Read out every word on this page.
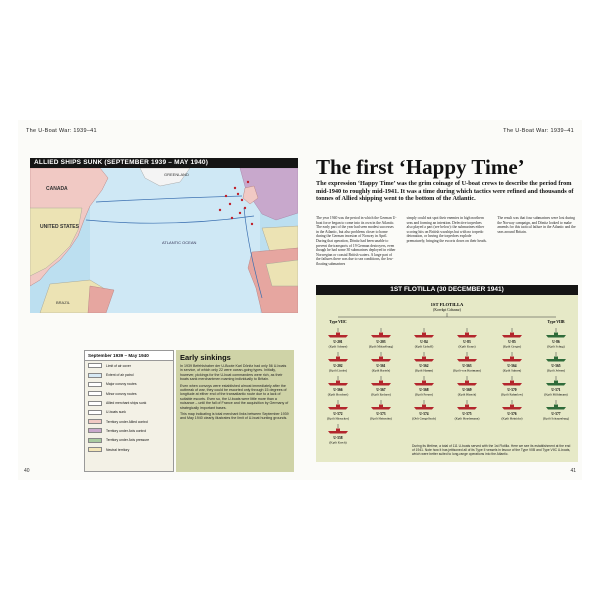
The U-Boat War: 1939–41
ALLIED SHIPS SUNK (SEPTEMBER 1939 – MAY 1940)
CANADA
UNITED STATES
GREENLAND
ATLANTIC OCEAN
BRAZIL
September 1939 – May 1940
Limit of air cover
Extent of air patrol
Major convoy routes
Minor convoy routes
Allied merchant ships sunk
U-boats sunk
Territory under Allied control
Territory under Axis control
Territory under Axis pressure
Neutral territory
Early sinkings

In 1939 Befehlshaber der U-Boote Karl Dönitz had only 56 U-boats in service, of which only 22 were ocean-going types. Initially, however, pickings for the U-boat commanders were rich, as their boats sank merchantmen roaming individually to Britain.

Even when convoys were established almost immediately after the outbreak of war, they could be escorted only through 15 degrees of longitude at either end of the transatlantic route due to a lack of suitable escorts. Even so, the U-boats were little more than a nuisance – until the fall of France and the acquisition by Germany of strategically important bases.

This map indicating is total merchant links between September 1939 and May 1940 clearly illustrates the limit of U-boat hunting grounds.

40
The U-Boat War: 1939–41
The first ‘Happy Time’
The expression ‘Happy Time’ was the grim coinage of U-boat crews to describe the period from mid-1940 to roughly mid-1941. It was a time during which tactics were refined and thousands of tonnes of Allied shipping went to the bottom of the Atlantic.

The year 1940 was the period in which the German U-boat force began to come into its own in the Atlantic. The early part of the year had seen modest successes in the Atlantic, but also problems closer to home during the German invasion of Norway in April. During that operation, Dönitz had been unable to prevent the transports of 19 German destroyers, even though he had some 30 submarines deployed in either Norwegian or coastal British waters. A large part of the failures there was due to sea conditions, the low-floating submarines

simply could not spot their enemies in high northern seas and forming an intention. Defective torpedoes also played a part (see below): the submarines either scoring hits on British warships but with no torpedo detonation, or having the torpedoes explode prematurely, bringing the escorts down on their heads.

The result was that four submarines were lost during the Norway campaign, and Dönitz looked to make amends for this tactical failure in the Atlantic and the seas around Britain.

1ST FLOTILLA (30 DECEMBER 1941)
1ST FLOTILLA
(Korvkpt Cohausz)
Type VIIC	Type VIIB
U-201
(Kptlt Schnee)
U-203
(Kptlt Mützelburg)
U-84
(Kptlt Uphoff)
U-83
(Kptlt Kraus)
U-85
(Kptlt Greger)
U-86
(Kptlt Schug)
U-202
(Kptlt Linder)
U-561
(Kptlt Bartels)
U-562
(Kptlt Hamm)
U-563
(Kptlt von Hartmann)
U-564
(Kptlt Suhren)
U-565
(Kptlt Jebsen)
U-566
(Kptlt Borchert)
U-567
(Kptlt Endrass)
U-568
(Kptlt Preuss)
U-569
(Kptlt Hinsch)
U-570
(Kptlt Rahmlow)
U-571
(Kptlt Möhlmann)
U-572
(Kptlt Hirsacker)
U-573
(Kptlt Heinsohn)
U-574
(Oblt Gengelbach)
U-575
(Kptlt Heydemann)
U-576
(Kptlt Heinicke)
U-577
(Kptlt Schauenburg)
U-558
(Kptlt Krech)
During its lifetime, a total of 111 U-boats served with the 1st Flotilla. Here we see its establishment at the end of 1941. Note how it has jettisoned all of its Type II vessels in favour of the Type VIIB and Type VIIC U-boats, which were better suited to long-range operations into the Atlantic.
41
